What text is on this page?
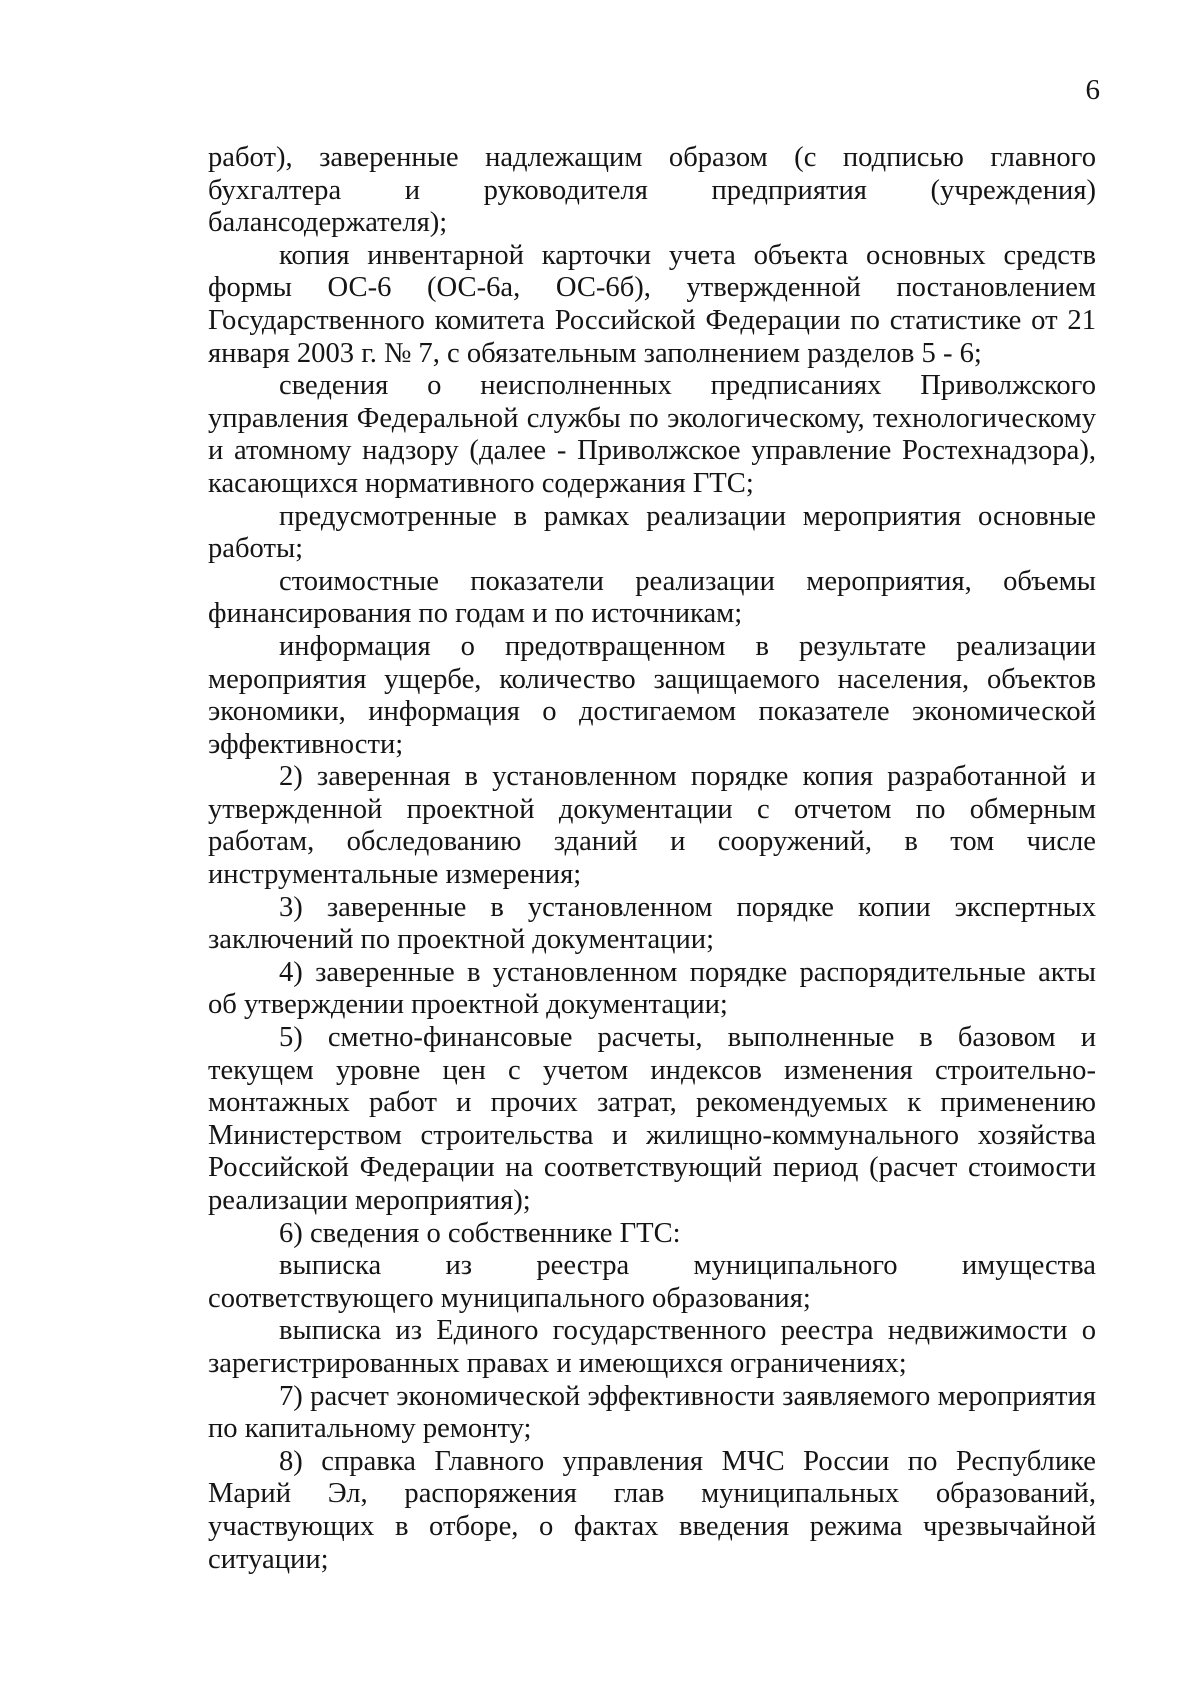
6

работ), заверенные надлежащим образом (с подписью главного бухгалтера и руководителя предприятия (учреждения) балансодержателя);

копия инвентарной карточки учета объекта основных средств формы ОС-6 (ОС-6а, ОС-6б), утвержденной постановлением Государственного комитета Российской Федерации по статистике от 21 января 2003 г. № 7, с обязательным заполнением разделов 5 - 6;

сведения о неисполненных предписаниях Приволжского управления Федеральной службы по экологическому, технологическому и атомному надзору (далее - Приволжское управление Ростехнадзора), касающихся нормативного содержания ГТС;

предусмотренные в рамках реализации мероприятия основные работы;

стоимостные показатели реализации мероприятия, объемы финансирования по годам и по источникам;

информация о предотвращенном в результате реализации мероприятия ущербе, количество защищаемого населения, объектов экономики, информация о достигаемом показателе экономической эффективности;

2) заверенная в установленном порядке копия разработанной и утвержденной проектной документации с отчетом по обмерным работам, обследованию зданий и сооружений, в том числе инструментальные измерения;

3) заверенные в установленном порядке копии экспертных заключений по проектной документации;

4) заверенные в установленном порядке распорядительные акты об утверждении проектной документации;

5) сметно-финансовые расчеты, выполненные в базовом и текущем уровне цен с учетом индексов изменения строительно-монтажных работ и прочих затрат, рекомендуемых к применению Министерством строительства и жилищно-коммунального хозяйства Российской Федерации на соответствующий период (расчет стоимости реализации мероприятия);

6) сведения о собственнике ГТС:

выписка из реестра муниципального имущества соответствующего муниципального образования;

выписка из Единого государственного реестра недвижимости о зарегистрированных правах и имеющихся ограничениях;

7) расчет экономической эффективности заявляемого мероприятия по капитальному ремонту;

8) справка Главного управления МЧС России по Республике Марий Эл, распоряжения глав муниципальных образований, участвующих в отборе, о фактах введения режима чрезвычайной ситуации;
